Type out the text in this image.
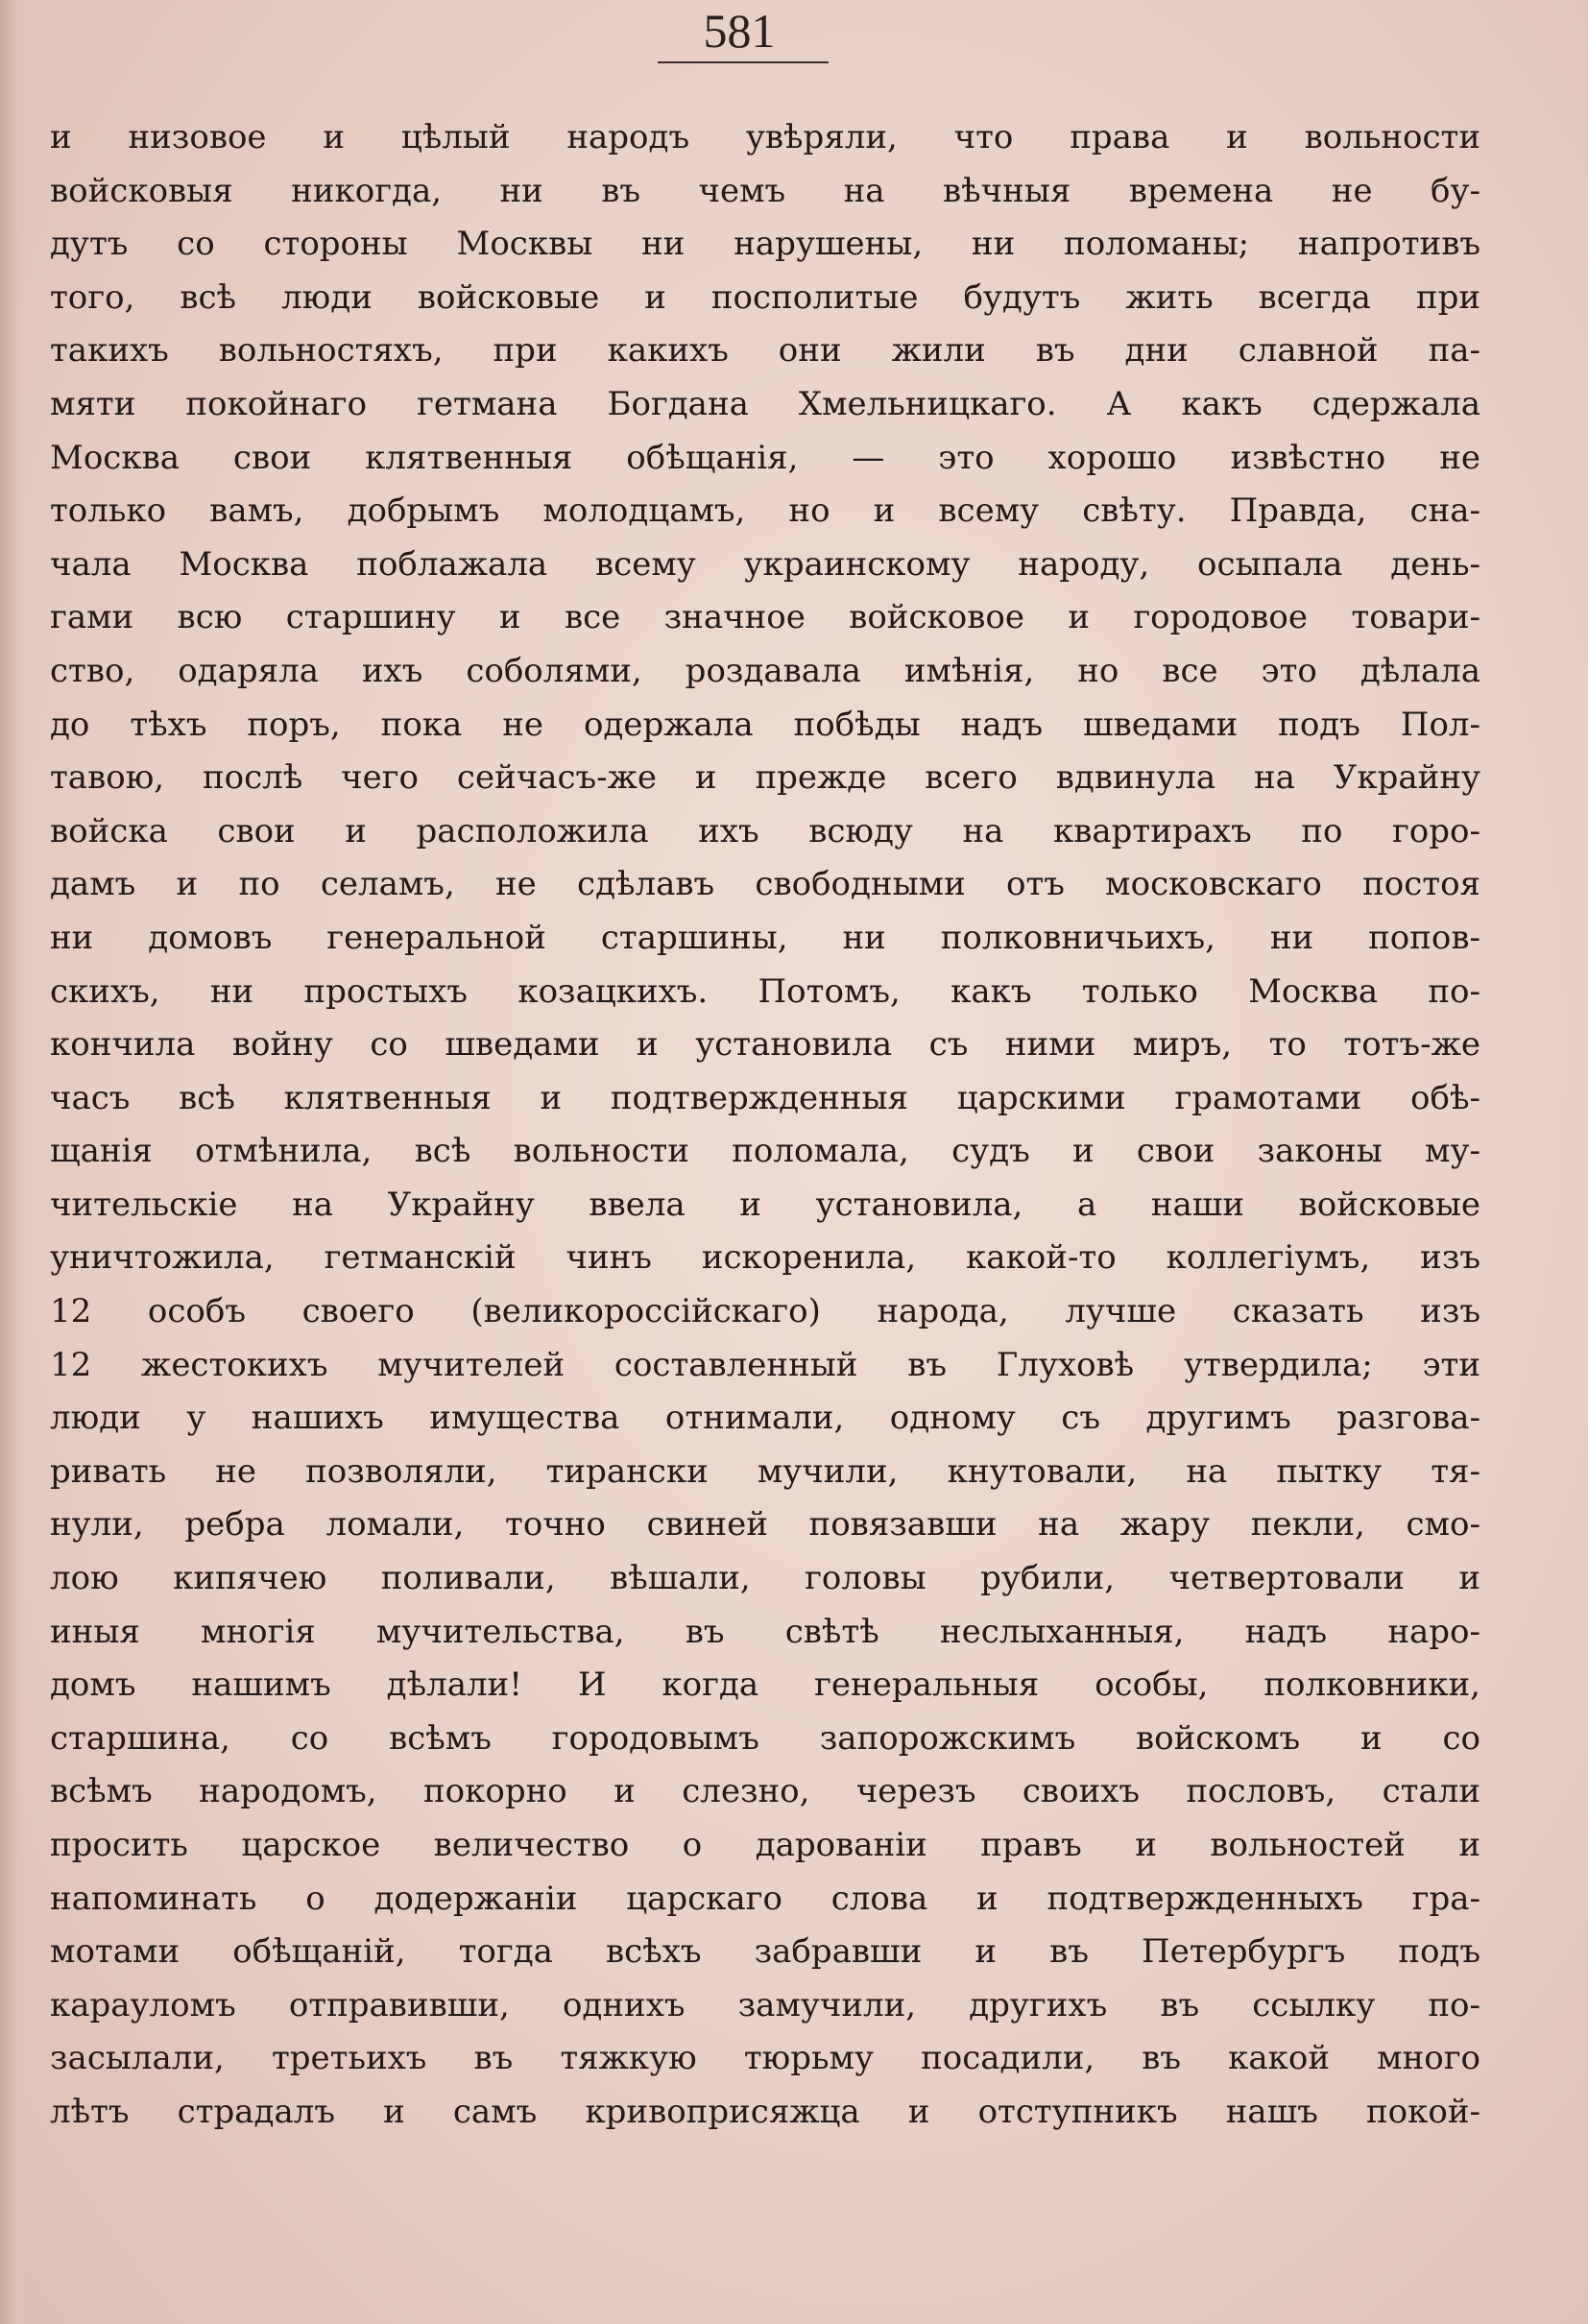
581
и низовое и цѣлый народъ увѣряли, что права и вольности
войсковыя никогда, ни въ чемъ на вѣчныя времена не бу-
дутъ со стороны Москвы ни нарушены, ни поломаны; напротивъ
того, всѣ люди войсковые и посполитые будутъ жить всегда при
такихъ вольностяхъ, при какихъ они жили въ дни славной па-
мяти покойнаго гетмана Богдана Хмельницкаго. А какъ сдержала
Москва свои клятвенныя обѣщанія, — это хорошо извѣстно не
только вамъ, добрымъ молодцамъ, но и всему свѣту. Правда, сна-
чала Москва поблажала всему украинскому народу, осыпала день-
гами всю старшину и все значное войсковое и городовое товари-
ство, одаряла ихъ соболями, роздавала имѣнія, но все это дѣлала
до тѣхъ поръ, пока не одержала побѣды надъ шведами подъ Пол-
тавою, послѣ чего сейчасъ-же и прежде всего вдвинула на Украйну
войска свои и расположила ихъ всюду на квартирахъ по горо-
дамъ и по селамъ, не сдѣлавъ свободными отъ московскаго постоя
ни домовъ генеральной старшины, ни полковничьихъ, ни попов-
скихъ, ни простыхъ козацкихъ. Потомъ, какъ только Москва по-
кончила войну со шведами и установила съ ними миръ, то тотъ-же
часъ всѣ клятвенныя и подтвержденныя царскими грамотами обѣ-
щанія отмѣнила, всѣ вольности поломала, судъ и свои законы му-
чительскіе на Украйну ввела и установила, а наши войсковые
уничтожила, гетманскій чинъ искоренила, какой-то коллегіумъ, изъ
12 особъ своего (великороссійскаго) народа, лучше сказать изъ
12 жестокихъ мучителей составленный въ Глуховѣ утвердила; эти
люди у нашихъ имущества отнимали, одному съ другимъ разгова-
ривать не позволяли, тирански мучили, кнутовали, на пытку тя-
нули, ребра ломали, точно свиней повязавши на жару пекли, смо-
лою кипячею поливали, вѣшали, головы рубили, четвертовали и
иныя многія мучительства, въ свѣтѣ неслыханныя, надъ наро-
домъ нашимъ дѣлали! И когда генеральныя особы, полковники,
старшина, со всѣмъ городовымъ запорожскимъ войскомъ и со
всѣмъ народомъ, покорно и слезно, черезъ своихъ пословъ, стали
просить царское величество о дарованіи правъ и вольностей и
напоминать о додержаніи царскаго слова и подтвержденныхъ гра-
мотами обѣщаній, тогда всѣхъ забравши и въ Петербургъ подъ
карауломъ отправивши, однихъ замучили, другихъ въ ссылку по-
засылали, третьихъ въ тяжкую тюрьму посадили, въ какой много
лѣтъ страдалъ и самъ кривоприсяжца и отступникъ нашъ покой-
